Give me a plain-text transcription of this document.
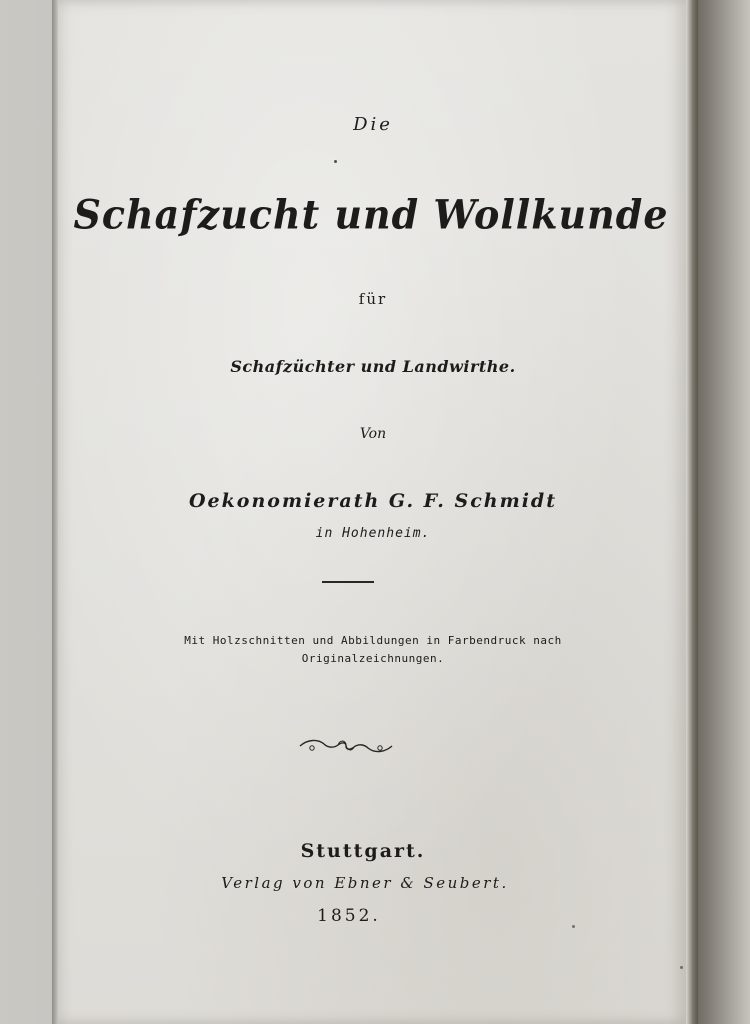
Die
Schafzucht und Wollkunde
für
Schafzüchter und Landwirthe.
Von
Oekonomierath G. F. Schmidt
in Hohenheim.
Mit Holzschnitten und Abbildungen in Farbendruck nach Originalzeichnungen.
Stuttgart.
Verlag von Ebner & Seubert.
1852.
